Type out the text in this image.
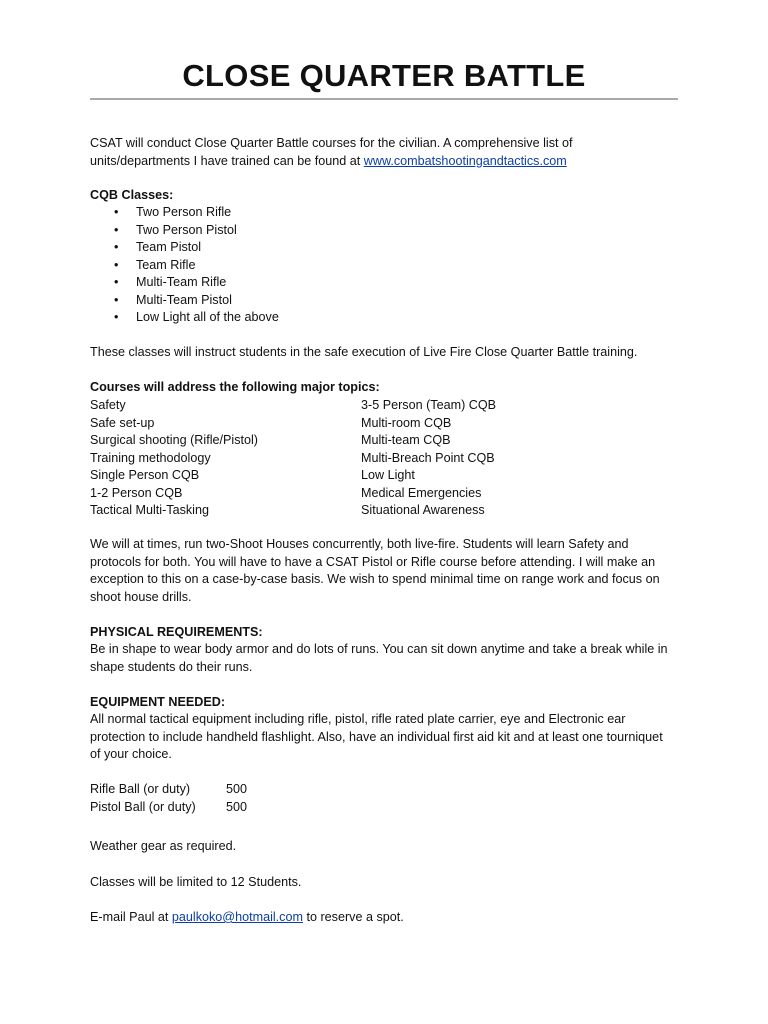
CLOSE QUARTER BATTLE

CSAT will conduct Close Quarter Battle courses for the civilian. A comprehensive list of
units/departments I have trained can be found at www.combatshootingandtactics.com

CQB Classes:

• Two Person Rifle
• Two Person Pistol
• Team Pistol
• Team Rifle
• Multi-Team Rifle
• Multi-Team Pistol
• Low Light all of the above

These classes will instruct students in the safe execution of Live Fire Close Quarter Battle training.

Courses will address the following major topics:

Safety	3-5 Person (Team) CQB
Safe set-up	Multi-room CQB
Surgical shooting (Rifle/Pistol)	Multi-team CQB
Training methodology	Multi-Breach Point CQB
Single Person CQB	Low Light
1-2 Person CQB	Medical Emergencies
Tactical Multi-Tasking	Situational Awareness

We will at times, run two-Shoot Houses concurrently, both live-fire. Students will learn Safety and
protocols for both. You will have to have a CSAT Pistol or Rifle course before attending. I will make an
exception to this on a case-by-case basis. We wish to spend minimal time on range work and focus on
shoot house drills.

PHYSICAL REQUIREMENTS:

Be in shape to wear body armor and do lots of runs. You can sit down anytime and take a break while in
shape students do their runs.

EQUIPMENT NEEDED:

All normal tactical equipment including rifle, pistol, rifle rated plate carrier, eye and Electronic ear
protection to include handheld flashlight. Also, have an individual first aid kit and at least one tourniquet
of your choice.

Rifle Ball (or duty)	500
Pistol Ball (or duty) 500

Weather gear as required.

Classes will be limited to 12 Students.

E-mail Paul at paulkoko@hotmail.com to reserve a spot.
